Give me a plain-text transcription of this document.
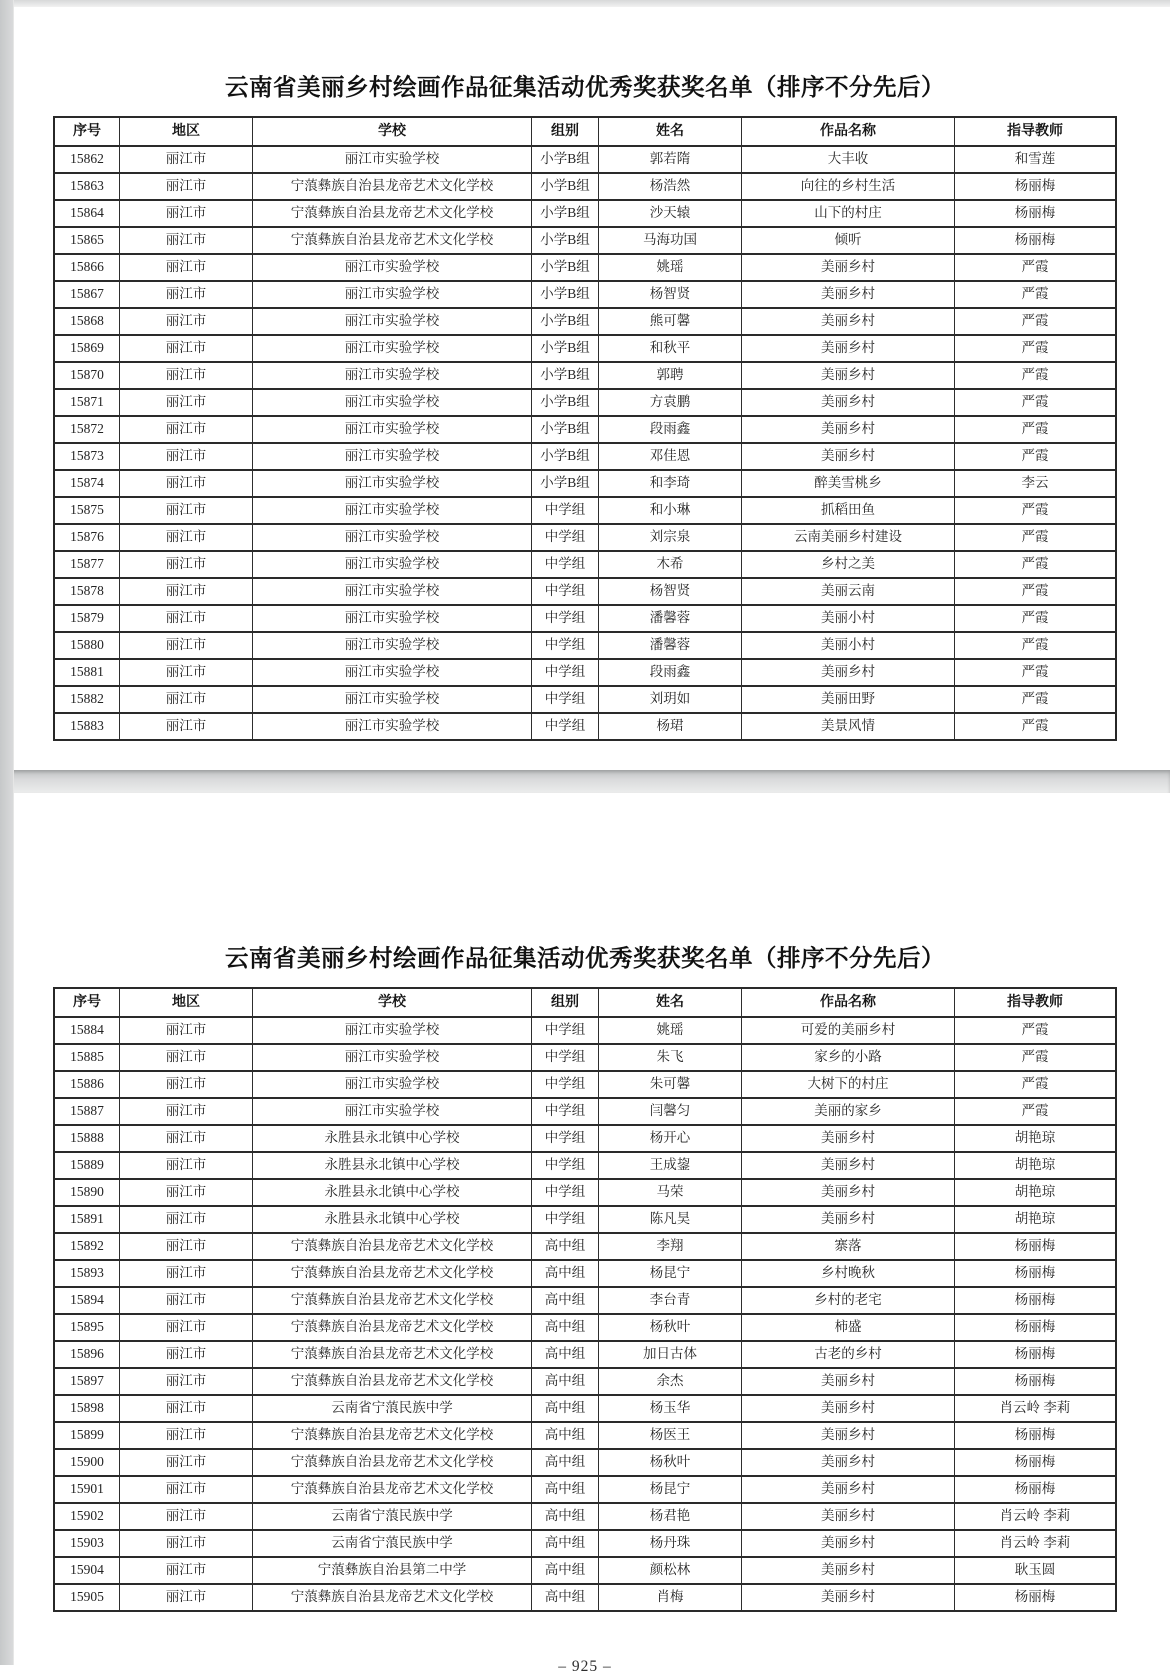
云南省美丽乡村绘画作品征集活动优秀奖获奖名单（排序不分先后）
序号	地区	学校	组别	姓名	作品名称	指导教师
15862	丽江市	丽江市实验学校	小学B组	郭若隋	大丰收	和雪莲
15863	丽江市	宁蒗彝族自治县龙帝艺术文化学校	小学B组	杨浩然	向往的乡村生活	杨丽梅
15864	丽江市	宁蒗彝族自治县龙帝艺术文化学校	小学B组	沙天辕	山下的村庄	杨丽梅
15865	丽江市	宁蒗彝族自治县龙帝艺术文化学校	小学B组	马海功国	倾听	杨丽梅
15866	丽江市	丽江市实验学校	小学B组	姚瑶	美丽乡村	严霞
15867	丽江市	丽江市实验学校	小学B组	杨智贤	美丽乡村	严霞
15868	丽江市	丽江市实验学校	小学B组	熊可馨	美丽乡村	严霞
15869	丽江市	丽江市实验学校	小学B组	和秋平	美丽乡村	严霞
15870	丽江市	丽江市实验学校	小学B组	郭聘	美丽乡村	严霞
15871	丽江市	丽江市实验学校	小学B组	方袁鹏	美丽乡村	严霞
15872	丽江市	丽江市实验学校	小学B组	段雨鑫	美丽乡村	严霞
15873	丽江市	丽江市实验学校	小学B组	邓佳恩	美丽乡村	严霞
15874	丽江市	丽江市实验学校	小学B组	和李琦	醉美雪桃乡	李云
15875	丽江市	丽江市实验学校	中学组	和小琳	抓稻田鱼	严霞
15876	丽江市	丽江市实验学校	中学组	刘宗泉	云南美丽乡村建设	严霞
15877	丽江市	丽江市实验学校	中学组	木希	乡村之美	严霞
15878	丽江市	丽江市实验学校	中学组	杨智贤	美丽云南	严霞
15879	丽江市	丽江市实验学校	中学组	潘馨蓉	美丽小村	严霞
15880	丽江市	丽江市实验学校	中学组	潘馨蓉	美丽小村	严霞
15881	丽江市	丽江市实验学校	中学组	段雨鑫	美丽乡村	严霞
15882	丽江市	丽江市实验学校	中学组	刘玥如	美丽田野	严霞
15883	丽江市	丽江市实验学校	中学组	杨珺	美景风情	严霞
云南省美丽乡村绘画作品征集活动优秀奖获奖名单（排序不分先后）
序号	地区	学校	组别	姓名	作品名称	指导教师
15884	丽江市	丽江市实验学校	中学组	姚瑶	可爱的美丽乡村	严霞
15885	丽江市	丽江市实验学校	中学组	朱飞	家乡的小路	严霞
15886	丽江市	丽江市实验学校	中学组	朱可馨	大树下的村庄	严霞
15887	丽江市	丽江市实验学校	中学组	闫馨匀	美丽的家乡	严霞
15888	丽江市	永胜县永北镇中心学校	中学组	杨开心	美丽乡村	胡艳琼
15889	丽江市	永胜县永北镇中心学校	中学组	王成鋆	美丽乡村	胡艳琼
15890	丽江市	永胜县永北镇中心学校	中学组	马荣	美丽乡村	胡艳琼
15891	丽江市	永胜县永北镇中心学校	中学组	陈凡昊	美丽乡村	胡艳琼
15892	丽江市	宁蒗彝族自治县龙帝艺术文化学校	高中组	李翔	寨落	杨丽梅
15893	丽江市	宁蒗彝族自治县龙帝艺术文化学校	高中组	杨昆宁	乡村晚秋	杨丽梅
15894	丽江市	宁蒗彝族自治县龙帝艺术文化学校	高中组	李台青	乡村的老宅	杨丽梅
15895	丽江市	宁蒗彝族自治县龙帝艺术文化学校	高中组	杨秋叶	柿盛	杨丽梅
15896	丽江市	宁蒗彝族自治县龙帝艺术文化学校	高中组	加日古体	古老的乡村	杨丽梅
15897	丽江市	宁蒗彝族自治县龙帝艺术文化学校	高中组	余杰	美丽乡村	杨丽梅
15898	丽江市	云南省宁蒗民族中学	高中组	杨玉华	美丽乡村	肖云岭 李莉
15899	丽江市	宁蒗彝族自治县龙帝艺术文化学校	高中组	杨医王	美丽乡村	杨丽梅
15900	丽江市	宁蒗彝族自治县龙帝艺术文化学校	高中组	杨秋叶	美丽乡村	杨丽梅
15901	丽江市	宁蒗彝族自治县龙帝艺术文化学校	高中组	杨昆宁	美丽乡村	杨丽梅
15902	丽江市	云南省宁蒗民族中学	高中组	杨君艳	美丽乡村	肖云岭 李莉
15903	丽江市	云南省宁蒗民族中学	高中组	杨丹珠	美丽乡村	肖云岭 李莉
15904	丽江市	宁蒗彝族自治县第二中学	高中组	颜松林	美丽乡村	耿玉圆
15905	丽江市	宁蒗彝族自治县龙帝艺术文化学校	高中组	肖梅	美丽乡村	杨丽梅
– 925 –
